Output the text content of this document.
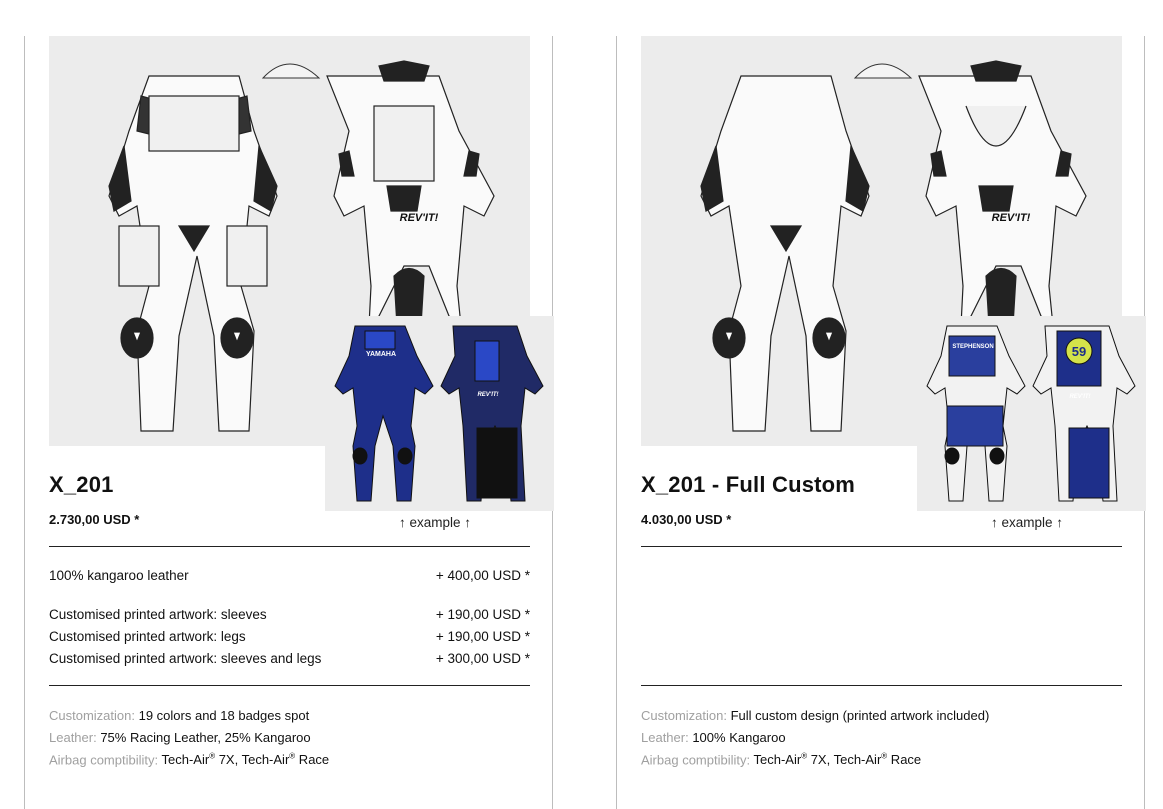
REV'IT!
YAMAHA
REV'IT!
X_201
2.730,00 USD *	↑ example ↑
100% kangaroo leather	+ 400,00 USD *
Customised printed artwork: sleeves	+ 190,00 USD *
Customised printed artwork: legs	+ 190,00 USD *
Customised printed artwork: sleeves and legs	+ 300,00 USD *
Customization: 19 colors and 18 badges spot
Leather: 75% Racing Leather, 25% Kangaroo
Airbag comptibility: Tech-Air® 7X, Tech-Air® Race
REV'IT!
59
STEPHENSON
REV'IT!
X_201 - Full Custom
4.030,00 USD *	↑ example ↑
Customization: Full custom design (printed artwork included)
Leather: 100% Kangaroo
Airbag comptibility: Tech-Air® 7X, Tech-Air® Race
